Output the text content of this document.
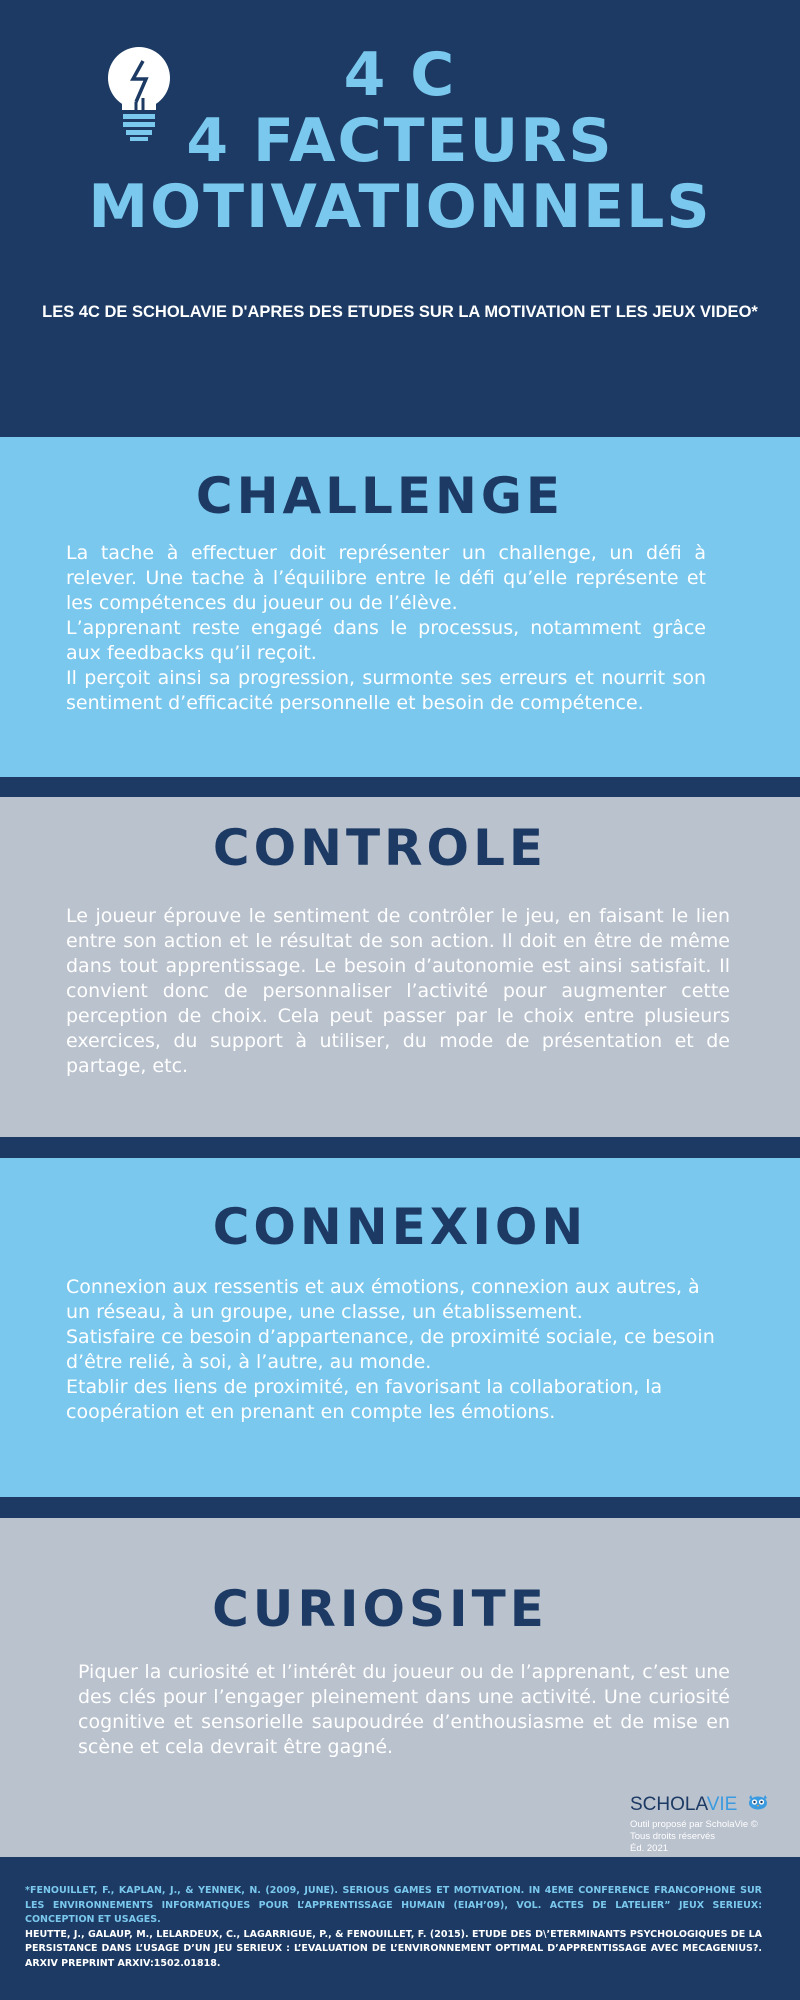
4 C
4 FACTEURS
MOTIVATIONNELS
LES 4C DE SCHOLAVIE D'APRES DES ETUDES SUR LA MOTIVATION ET LES JEUX VIDEO*
CHALLENGE

La tache à effectuer doit représenter un challenge, un défi à relever. Une tache à l’équilibre entre le défi qu’elle représente et les compétences du joueur ou de l’élève.

L’apprenant reste engagé dans le processus, notamment grâce aux feedbacks qu’il reçoit.

Il perçoit ainsi sa progression, surmonte ses erreurs et nourrit son sentiment d’efficacité personnelle et besoin de compétence.

CONTROLE

Le joueur éprouve le sentiment de contrôler le jeu, en faisant le lien entre son action et le résultat de son action. Il doit en être de même dans tout apprentissage. Le besoin d’autonomie est ainsi satisfait. Il convient donc de personnaliser l’activité pour augmenter cette perception de choix. Cela peut passer par le choix entre plusieurs exercices, du support à utiliser, du mode de présentation et de partage, etc.

CONNEXION

Connexion aux ressentis et aux émotions, connexion aux autres, à un réseau, à un groupe, une classe, un établissement.

Satisfaire ce besoin d’appartenance, de proximité sociale, ce besoin d’être relié, à soi, à l’autre, au monde.

Etablir des liens de proximité, en favorisant la collaboration, la coopération et en prenant en compte les émotions.

CURIOSITE

Piquer la curiosité et l’intérêt du joueur ou de l’apprenant, c’est une des clés pour l’engager pleinement dans une activité. Une curiosité cognitive et sensorielle saupoudrée d’enthousiasme et de mise en scène et cela devrait être gagné.

SCHOLAVIE
Outil proposé par ScholaVie ©
Tous droits réservés
Éd. 2021

*FENOUILLET, F., KAPLAN, J., & YENNEK, N. (2009, JUNE). SERIOUS GAMES ET MOTIVATION. IN 4EME CONFERENCE FRANCOPHONE SUR LES ENVIRONNEMENTS INFORMATIQUES POUR L’APPRENTISSAGE HUMAIN (EIAH’09), VOL. ACTES DE LATELIER” JEUX SERIEUX: CONCEPTION ET USAGES.

HEUTTE, J., GALAUP, M., LELARDEUX, C., LAGARRIGUE, P., & FENOUILLET, F. (2015). ETUDE DES D\’ETERMINANTS PSYCHOLOGIQUES DE LA PERSISTANCE DANS L’USAGE D’UN JEU SERIEUX : L’EVALUATION DE L’ENVIRONNEMENT OPTIMAL D’APPRENTISSAGE AVEC MECAGENIUS?. ARXIV PREPRINT ARXIV:1502.01818.
